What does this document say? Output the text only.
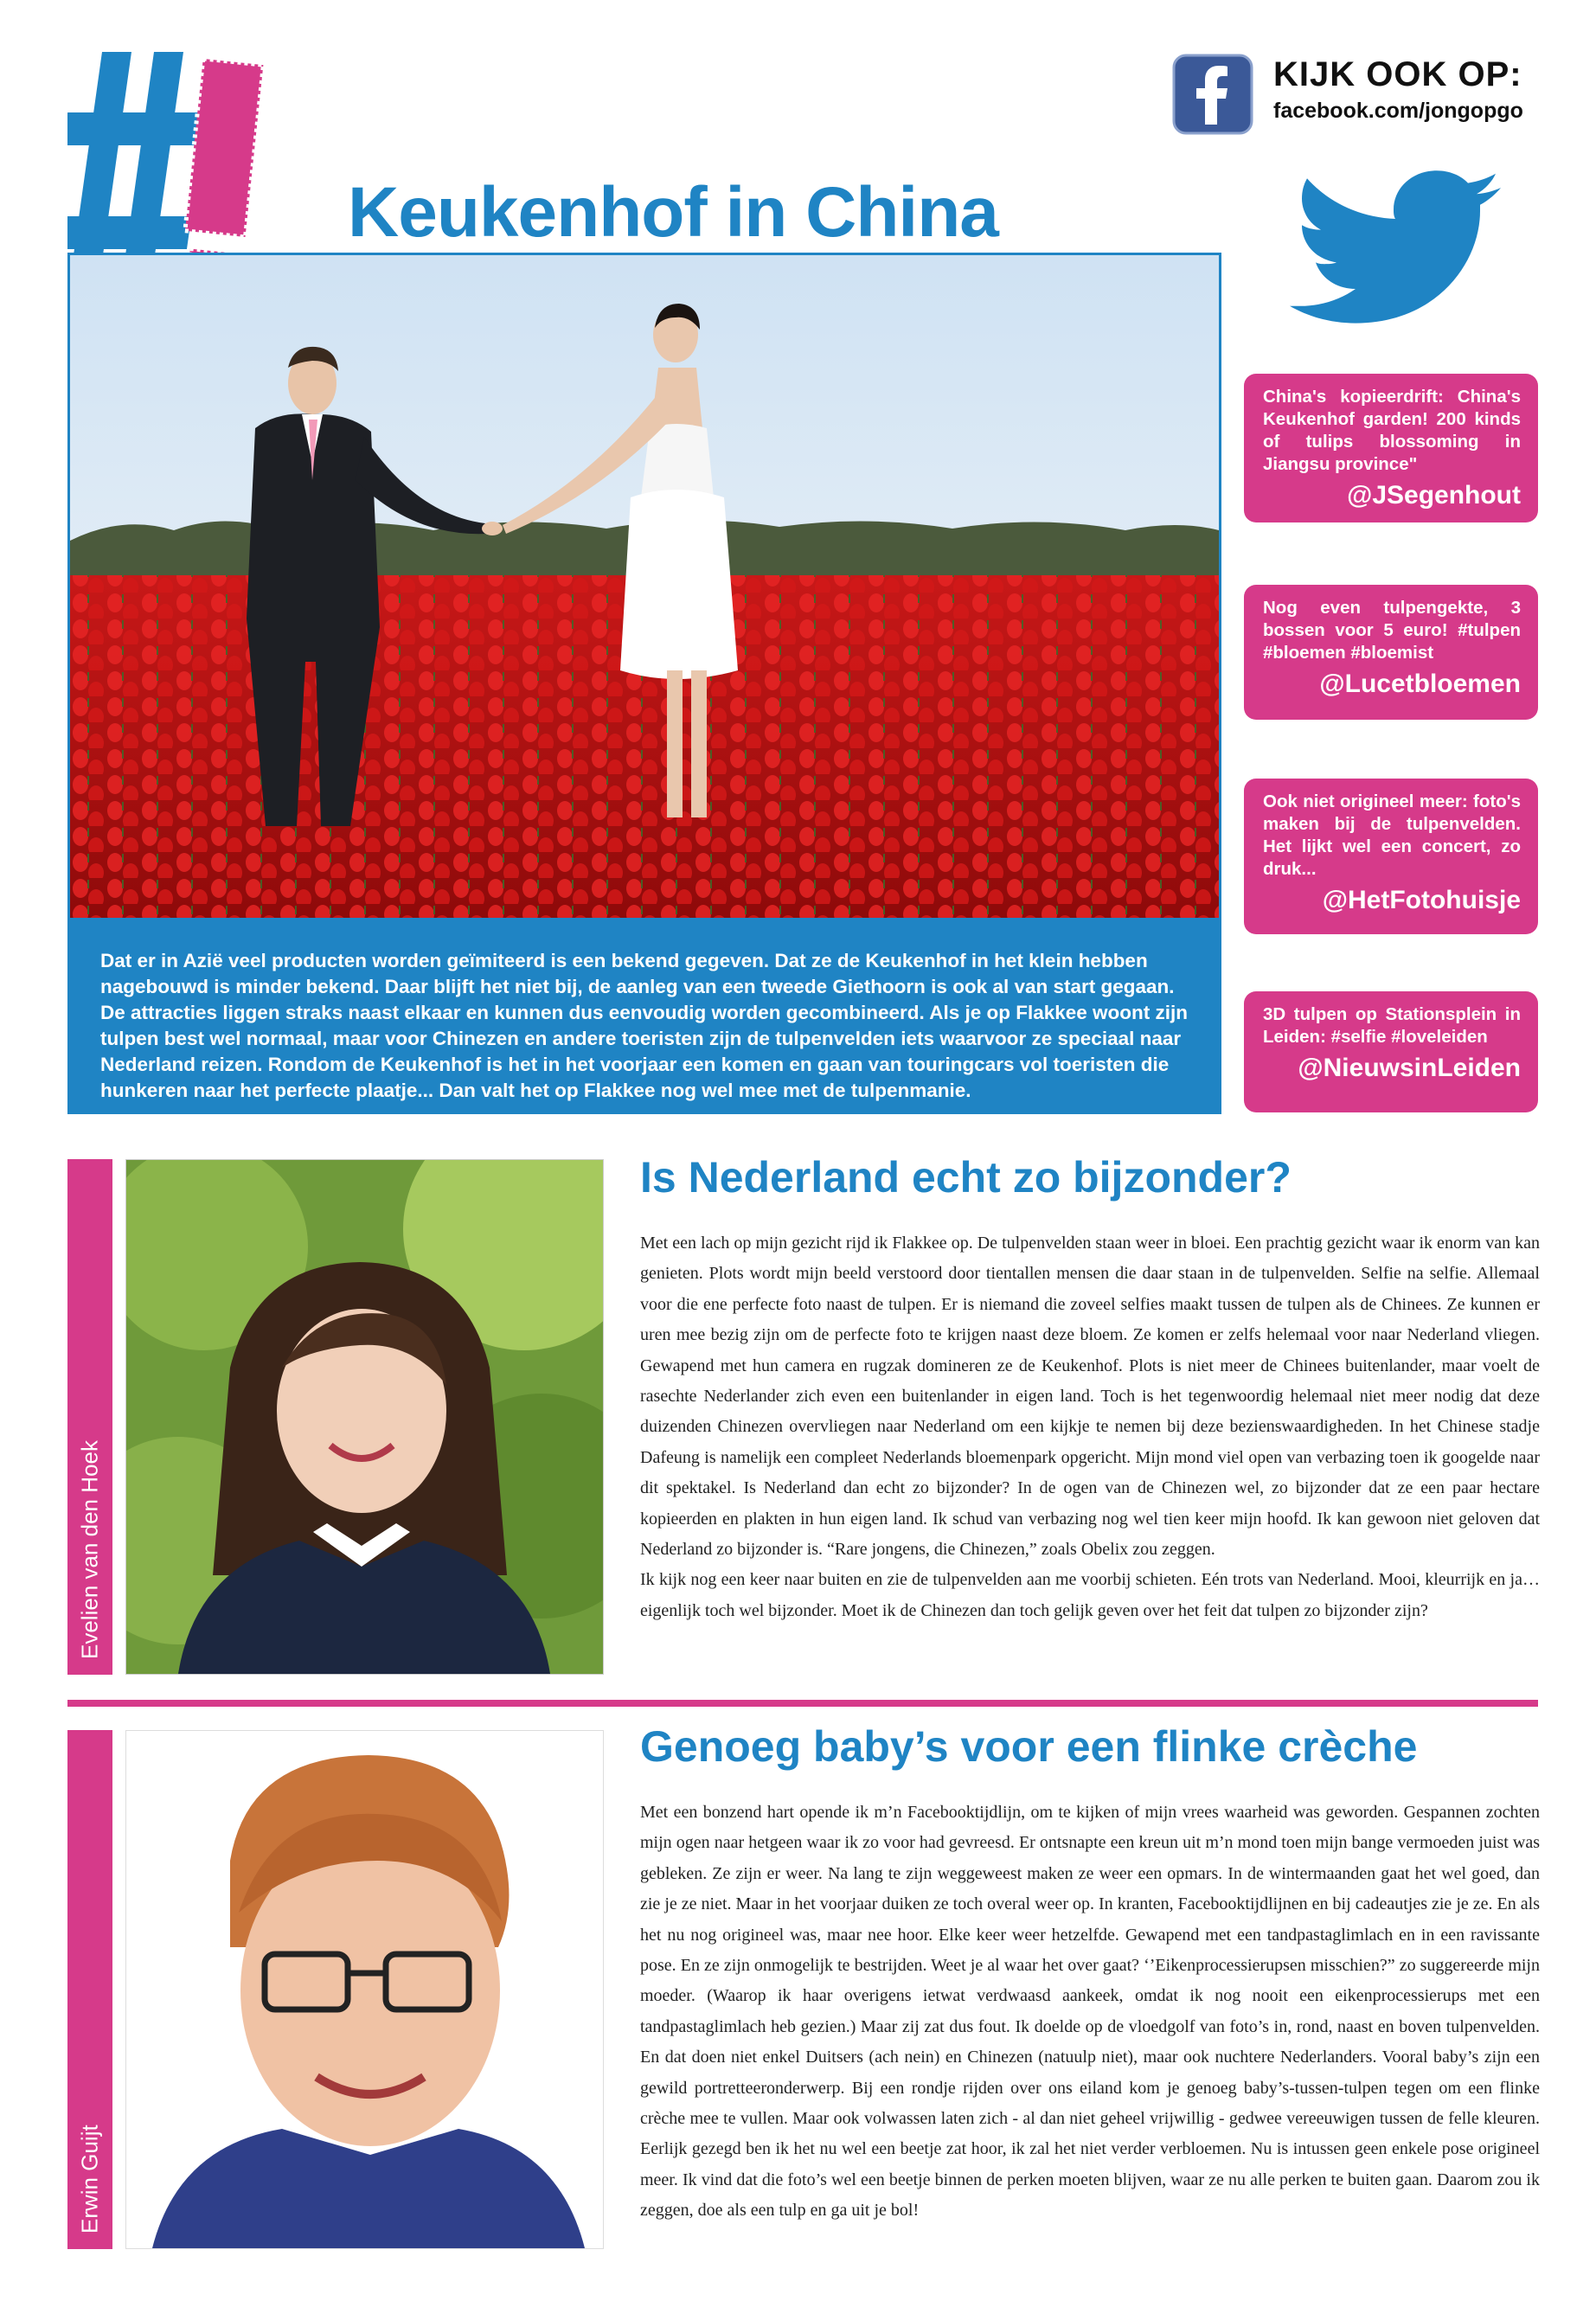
KIJK OOK OP:
facebook.com/jongopgo
Keukenhof in China

Dat er in Azië veel producten worden geïmiteerd is een bekend gegeven. Dat ze de Keukenhof in het klein hebben nagebouwd is minder bekend. Daar blijft het niet bij, de aanleg van een tweede Giethoorn is ook al van start gegaan. De attracties liggen straks naast elkaar en kunnen dus eenvoudig worden gecombineerd. Als je op Flakkee woont zijn tulpen best wel normaal, maar voor Chinezen en andere toeristen zijn de tulpenvelden iets waarvoor ze speciaal naar Nederland reizen. Rondom de Keukenhof is het in het voorjaar een komen en gaan van touringcars vol toeristen die hunkeren naar het perfecte plaatje... Dan valt het op Flakkee nog wel mee met de tulpenmanie.

China's kopieerdrift: China's Keukenhof garden! 200 kinds of tulips blossoming in Jiangsu province"

@JSegenhout

Nog even tulpengekte, 3 bossen voor 5 euro! #tulpen #bloemen #bloemist

@Lucetbloemen

Ook niet origineel meer: foto's maken bij de tulpenvelden. Het lijkt wel een concert, zo druk...

@HetFotohuisje

3D tulpen op Stationsplein in Leiden: #selfie #loveleiden

@NieuwsinLeiden
Evelien van den Hoek
Is Nederland echt zo bijzonder?

Met een lach op mijn gezicht rijd ik Flakkee op. De tulpenvelden staan weer in bloei. Een prachtig gezicht waar ik enorm van kan genieten. Plots wordt mijn beeld verstoord door tientallen mensen die daar staan in de tulpenvelden. Selfie na selfie. Allemaal voor die ene perfecte foto naast de tulpen. Er is niemand die zoveel selfies maakt tussen de tulpen als de Chinees. Ze kunnen er uren mee bezig zijn om de perfecte foto te krijgen naast deze bloem. Ze komen er zelfs helemaal voor naar Nederland vliegen. Gewapend met hun camera en rugzak domineren ze de Keukenhof. Plots is niet meer de Chinees buitenlander, maar voelt de rasechte Nederlander zich even een buitenlander in eigen land. Toch is het tegenwoordig helemaal niet meer nodig dat deze duizenden Chinezen overvliegen naar Nederland om een kijkje te nemen bij deze bezienswaardigheden. In het Chinese stadje Dafeung is namelijk een compleet Nederlands bloemenpark opgericht. Mijn mond viel open van verbazing toen ik googelde naar dit spektakel. Is Nederland dan echt zo bijzonder? In de ogen van de Chinezen wel, zo bijzonder dat ze een paar hectare kopieerden en plakten in hun eigen land. Ik schud van verbazing nog wel tien keer mijn hoofd. Ik kan gewoon niet geloven dat Nederland zo bijzonder is. “Rare jongens, die Chinezen,” zoals Obelix zou zeggen.

Ik kijk nog een keer naar buiten en zie de tulpenvelden aan me voorbij schieten. Eén trots van Nederland. Mooi, kleurrijk en ja… eigenlijk toch wel bijzonder. Moet ik de Chinezen dan toch gelijk geven over het feit dat tulpen zo bijzonder zijn?

Erwin Guijt
Genoeg baby’s voor een flinke crèche

Met een bonzend hart opende ik m’n Facebooktijdlijn, om te kijken of mijn vrees waarheid was geworden. Gespannen zochten mijn ogen naar hetgeen waar ik zo voor had gevreesd. Er ontsnapte een kreun uit m’n mond toen mijn bange vermoeden juist was gebleken. Ze zijn er weer. Na lang te zijn weggeweest maken ze weer een opmars. In de wintermaanden gaat het wel goed, dan zie je ze niet. Maar in het voorjaar duiken ze toch overal weer op. In kranten, Facebooktijdlijnen en bij cadeautjes zie je ze. En als het nu nog origineel was, maar nee hoor. Elke keer weer hetzelfde. Gewapend met een tandpastaglimlach en in een ravissante pose. En ze zijn onmogelijk te bestrijden. Weet je al waar het over gaat? ‘’Eikenprocessierupsen misschien?” zo suggereerde mijn moeder. (Waarop ik haar overigens ietwat verdwaasd aankeek, omdat ik nog nooit een eikenprocessierups met een tandpastaglimlach heb gezien.) Maar zij zat dus fout. Ik doelde op de vloedgolf van foto’s in, rond, naast en boven tulpenvelden. En dat doen niet enkel Duitsers (ach nein) en Chinezen (natuulp niet), maar ook nuchtere Nederlanders. Vooral baby’s zijn een gewild portretteeronderwerp. Bij een rondje rijden over ons eiland kom je genoeg baby’s-tussen-tulpen tegen om een flinke crèche mee te vullen. Maar ook volwassen laten zich - al dan niet geheel vrijwillig - gedwee vereeuwigen tussen de felle kleuren. Eerlijk gezegd ben ik het nu wel een beetje zat hoor, ik zal het niet verder verbloemen. Nu is intussen geen enkele pose origineel meer. Ik vind dat die foto’s wel een beetje binnen de perken moeten blijven, waar ze nu alle perken te buiten gaan. Daarom zou ik zeggen, doe als een tulp en ga uit je bol!
